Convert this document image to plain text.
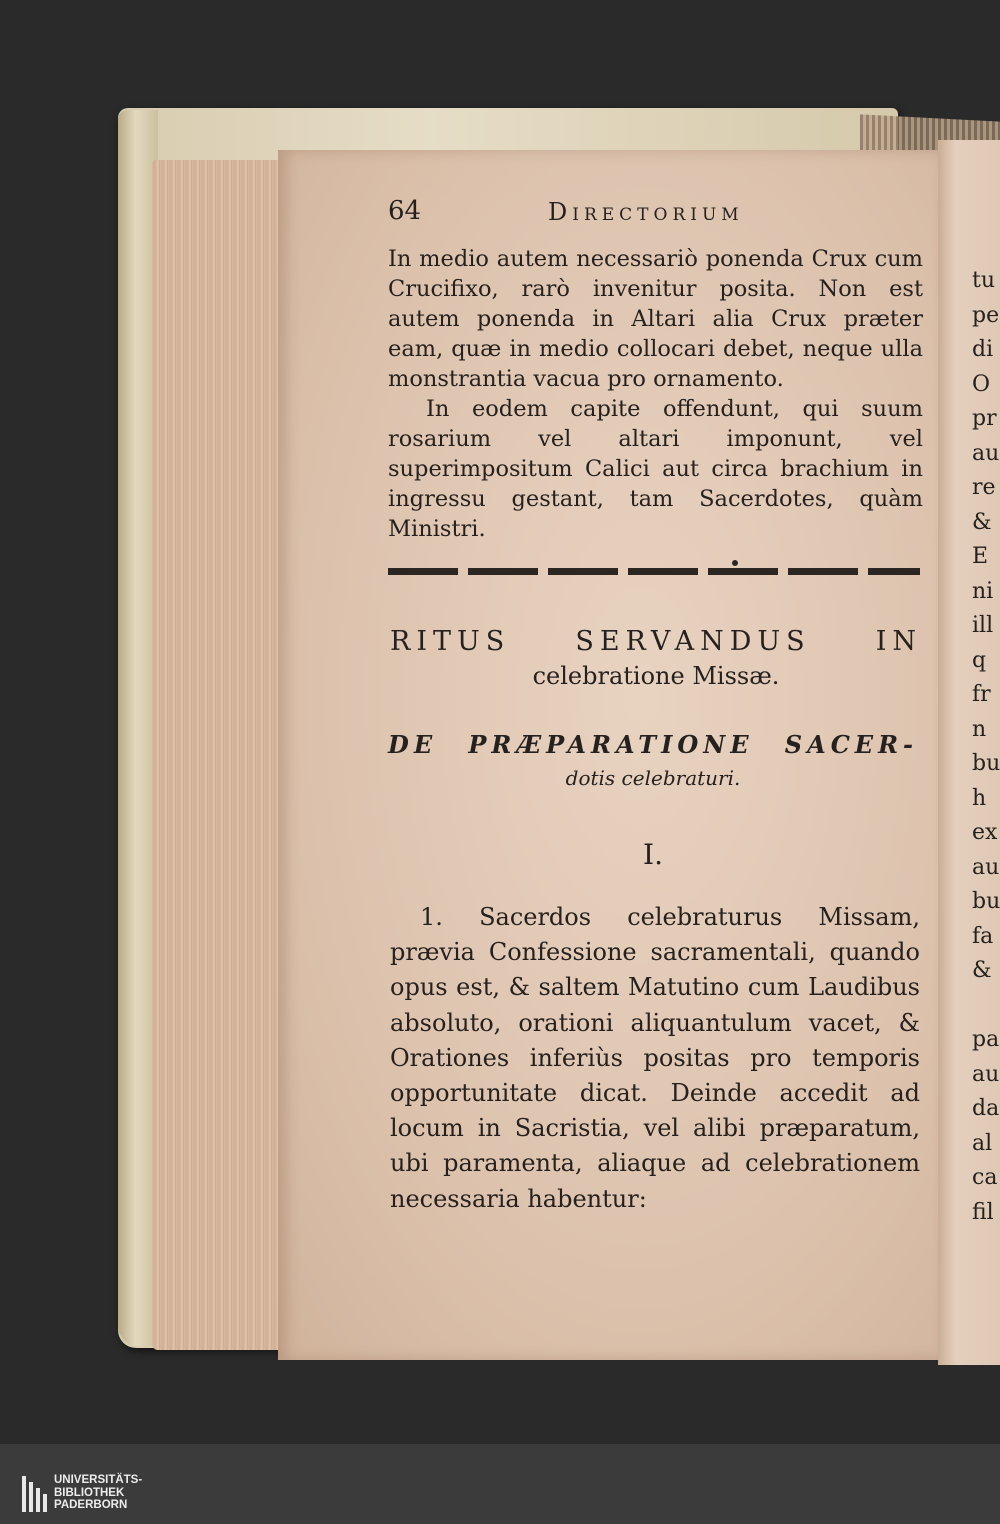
64	Directorium
In medio autem necessariò ponenda Crux cum Crucifixo, rarò invenitur posita. Non est autem ponenda in Altari alia Crux præter eam, quæ in medio collocari debet, neque ulla monstrantia vacua pro ornamento.
In eodem capite offendunt, qui suum rosarium vel altari imponunt, vel superimpositum Calici aut circa brachium in ingressu gestant, tam Sacerdotes, quàm Ministri.
RITUS SERVANDUS IN
celebratione Missæ.
DE PRÆPARATIONE SACER-
dotis celebraturi.
I.
1. Sacerdos celebraturus Missam, prævia Confessione sacramentali, quando opus est, & saltem Matutino cum Laudibus absoluto, orationi aliquantulum vacet, & Orationes inferiùs positas pro temporis opportunitate dicat. Deinde accedit ad locum in Sacristia, vel alibi præparatum, ubi paramenta, aliaque ad celebrationem necessaria habentur:
tu
pe
di
O
pr
au
re
&
E
ni
ill
q
fr
n
bu
h
ex
au
bu
fa
&

pa
au
da
al
ca
fil
UNIVERSITÄTS-
BIBLIOTHEK
PADERBORN
